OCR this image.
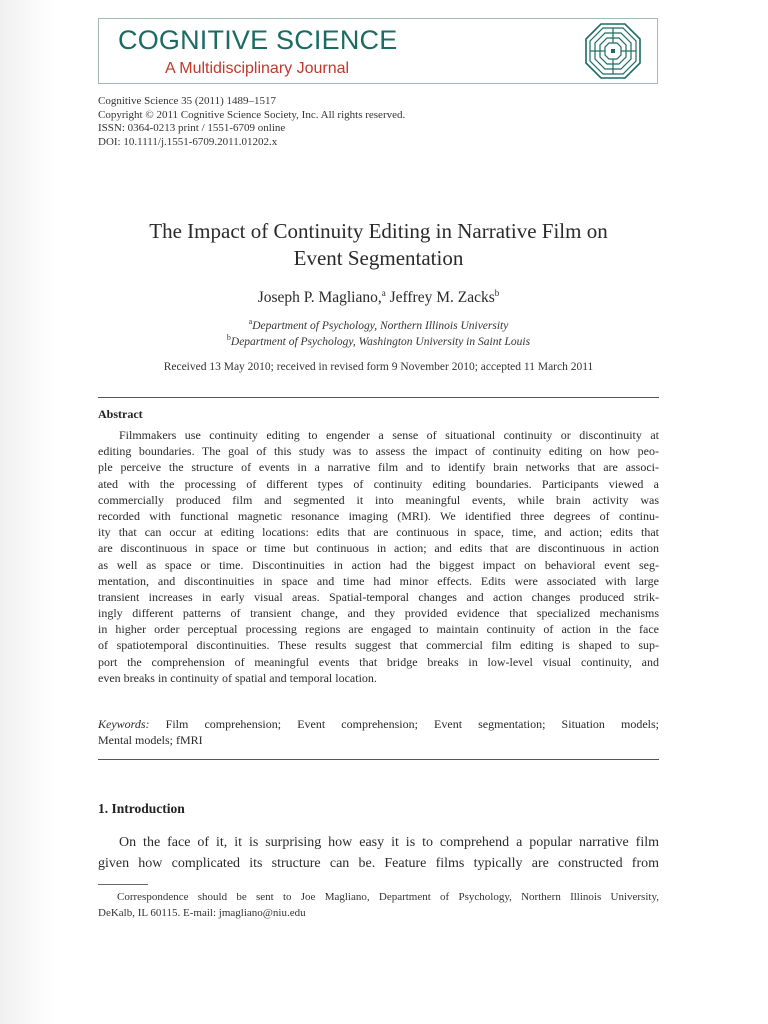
COGNITIVE SCIENCE
A Multidisciplinary Journal
Cognitive Science 35 (2011) 1489–1517
Copyright © 2011 Cognitive Science Society, Inc. All rights reserved.
ISSN: 0364-0213 print / 1551-6709 online
DOI: 10.1111/j.1551-6709.2011.01202.x
The Impact of Continuity Editing in Narrative Film on
Event Segmentation
Joseph P. Magliano,$^a$ Jeffrey M. Zacks$^b$
$^a$Department of Psychology, Northern Illinois University
$^b$Department of Psychology, Washington University in Saint Louis
Received 13 May 2010; received in revised form 9 November 2010; accepted 11 March 2011
Abstract
Filmmakers use continuity editing to engender a sense of situational continuity or discontinuity at
editing boundaries. The goal of this study was to assess the impact of continuity editing on how peo-
ple perceive the structure of events in a narrative film and to identify brain networks that are associ-
ated with the processing of different types of continuity editing boundaries. Participants viewed a
commercially produced film and segmented it into meaningful events, while brain activity was
recorded with functional magnetic resonance imaging (MRI). We identified three degrees of continu-
ity that can occur at editing locations: edits that are continuous in space, time, and action; edits that
are discontinuous in space or time but continuous in action; and edits that are discontinuous in action
as well as space or time. Discontinuities in action had the biggest impact on behavioral event seg-
mentation, and discontinuities in space and time had minor effects. Edits were associated with large
transient increases in early visual areas. Spatial-temporal changes and action changes produced strik-
ingly different patterns of transient change, and they provided evidence that specialized mechanisms
in higher order perceptual processing regions are engaged to maintain continuity of action in the face
of spatiotemporal discontinuities. These results suggest that commercial film editing is shaped to sup-
port the comprehension of meaningful events that bridge breaks in low-level visual continuity, and
even breaks in continuity of spatial and temporal location.
Keywords: Film comprehension; Event comprehension; Event segmentation; Situation models;
Mental models; fMRI
1. Introduction
On the face of it, it is surprising how easy it is to comprehend a popular narrative film
given how complicated its structure can be. Feature films typically are constructed from
Correspondence should be sent to Joe Magliano, Department of Psychology, Northern Illinois University,
DeKalb, IL 60115. E-mail: jmagliano@niu.edu
